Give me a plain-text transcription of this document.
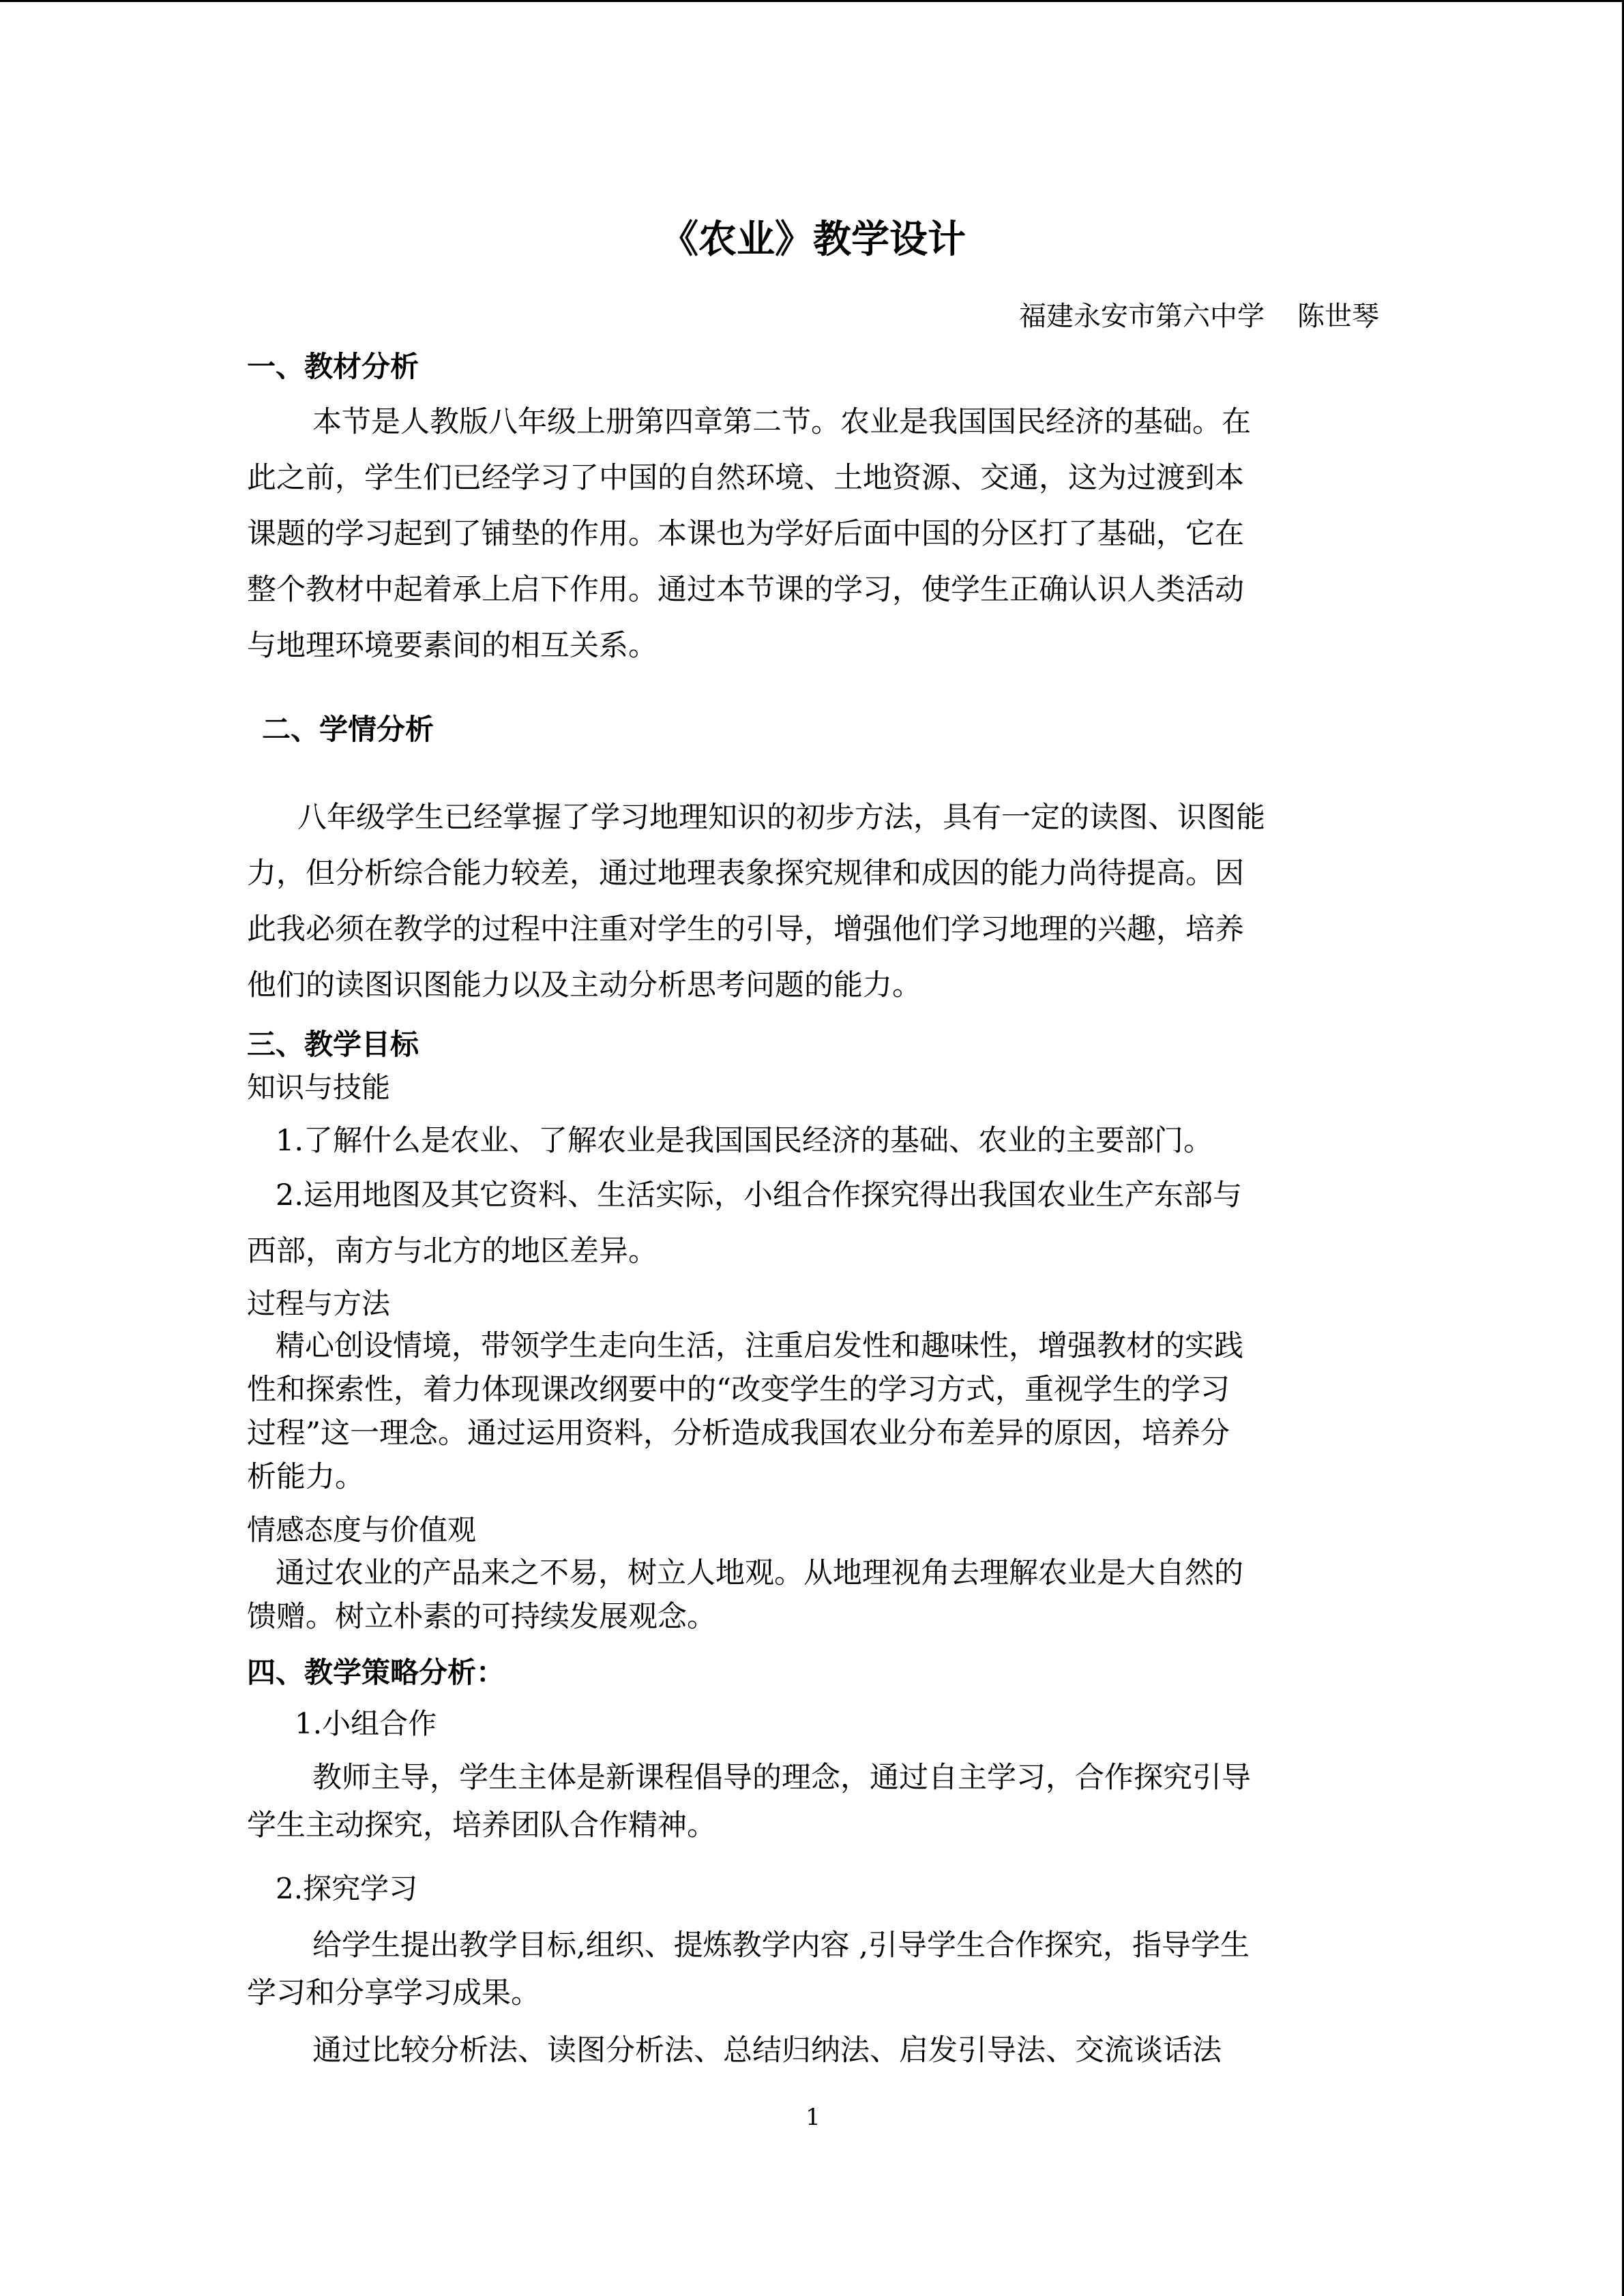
《农业》教学设计
福建永安市第六中学 陈世琴
一、教材分析
本节是人教版八年级上册第四章第二节。农业是我国国民经济的基础。在
此之前，学生们已经学习了中国的自然环境、土地资源、交通，这为过渡到本
课题的学习起到了铺垫的作用。本课也为学好后面中国的分区打了基础，它在
整个教材中起着承上启下作用。通过本节课的学习，使学生正确认识人类活动
与地理环境要素间的相互关系。
二、学情分析
八年级学生已经掌握了学习地理知识的初步方法，具有一定的读图、识图能
力，但分析综合能力较差，通过地理表象探究规律和成因的能力尚待提高。因
此我必须在教学的过程中注重对学生的引导，增强他们学习地理的兴趣，培养
他们的读图识图能力以及主动分析思考问题的能力。
三、教学目标
知识与技能
1.了解什么是农业、了解农业是我国国民经济的基础、农业的主要部门。
2.运用地图及其它资料、生活实际，小组合作探究得出我国农业生产东部与
西部，南方与北方的地区差异。
过程与方法
精心创设情境，带领学生走向生活，注重启发性和趣味性，增强教材的实践
性和探索性，着力体现课改纲要中的“改变学生的学习方式，重视学生的学习
过程”这一理念。通过运用资料，分析造成我国农业分布差异的原因，培养分
析能力。
情感态度与价值观
通过农业的产品来之不易，树立人地观。从地理视角去理解农业是大自然的
馈赠。树立朴素的可持续发展观念。
四、教学策略分析：
1.小组合作
教师主导，学生主体是新课程倡导的理念，通过自主学习，合作探究引导
学生主动探究，培养团队合作精神。
2.探究学习
给学生提出教学目标,组织、提炼教学内容 ,引导学生合作探究，指导学生
学习和分享学习成果。
通过比较分析法、读图分析法、总结归纳法、启发引导法、交流谈话法
1
